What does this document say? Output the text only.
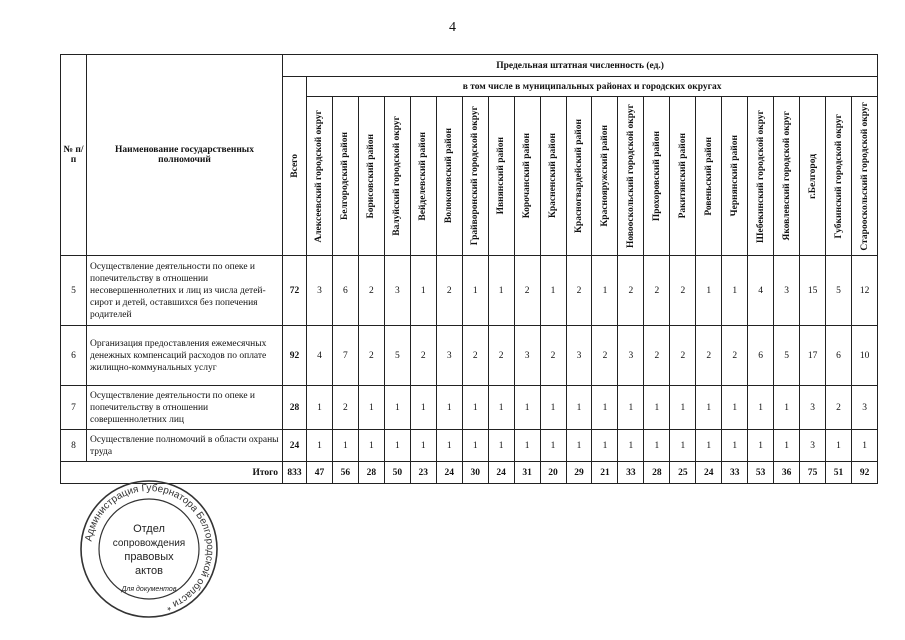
4
№ п/п	Наименование государственных полномочий	Предельная штатная численность (ед.)																						

		Всего	в том числе в муниципальных районах и городских округах																					

			Алексеевский городской округ	Белгородский район	Борисовский район	Валуйский городской округ	Вейделевский район	Волоконовский район	Грайворонский городской округ	Ивнянский район	Корочанский район	Красненский район	Красногвардейский район	Краснояружский район	Новооскольский городской округ	Прохоровский район	Ракитянский район	Ровеньский район	Чернянский район	Шебекинский городской округ	Яковлевский городской округ	г.Белгород	Губкинский городской округ	Старооскольский городской округ

5	Осуществление деятельности по опеке и попечительству в отношении несовершеннолетних и лиц из числа детей-сирот и детей, оставшихся без попечения родителей	72	3	6	2	3	1	2	1	1	2	1	2	1	2	2	2	1	1	4	3	15	5	12
6	Организация предоставления ежемесячных денежных компенсаций расходов по оплате жилищно-коммунальных услуг	92	4	7	2	5	2	3	2	2	3	2	3	2	3	2	2	2	2	6	5	17	6	10
7	Осуществление деятельности по опеке и попечительству в отношении совершеннолетних лиц	28	1	2	1	1	1	1	1	1	1	1	1	1	1	1	1	1	1	1	1	3	2	3
8	Осуществление полномочий в области охраны труда	24	1	1	1	1	1	1	1	1	1	1	1	1	1	1	1	1	1	1	1	3	1	1
Итого		833	47	56	28	50	23	24	30	24	31	20	29	21	33	28	25	24	33	53	36	75	51	92
Администрация Губернатора Белгородской области *
Отдел
сопровождения
правовых
актов
Для документов
